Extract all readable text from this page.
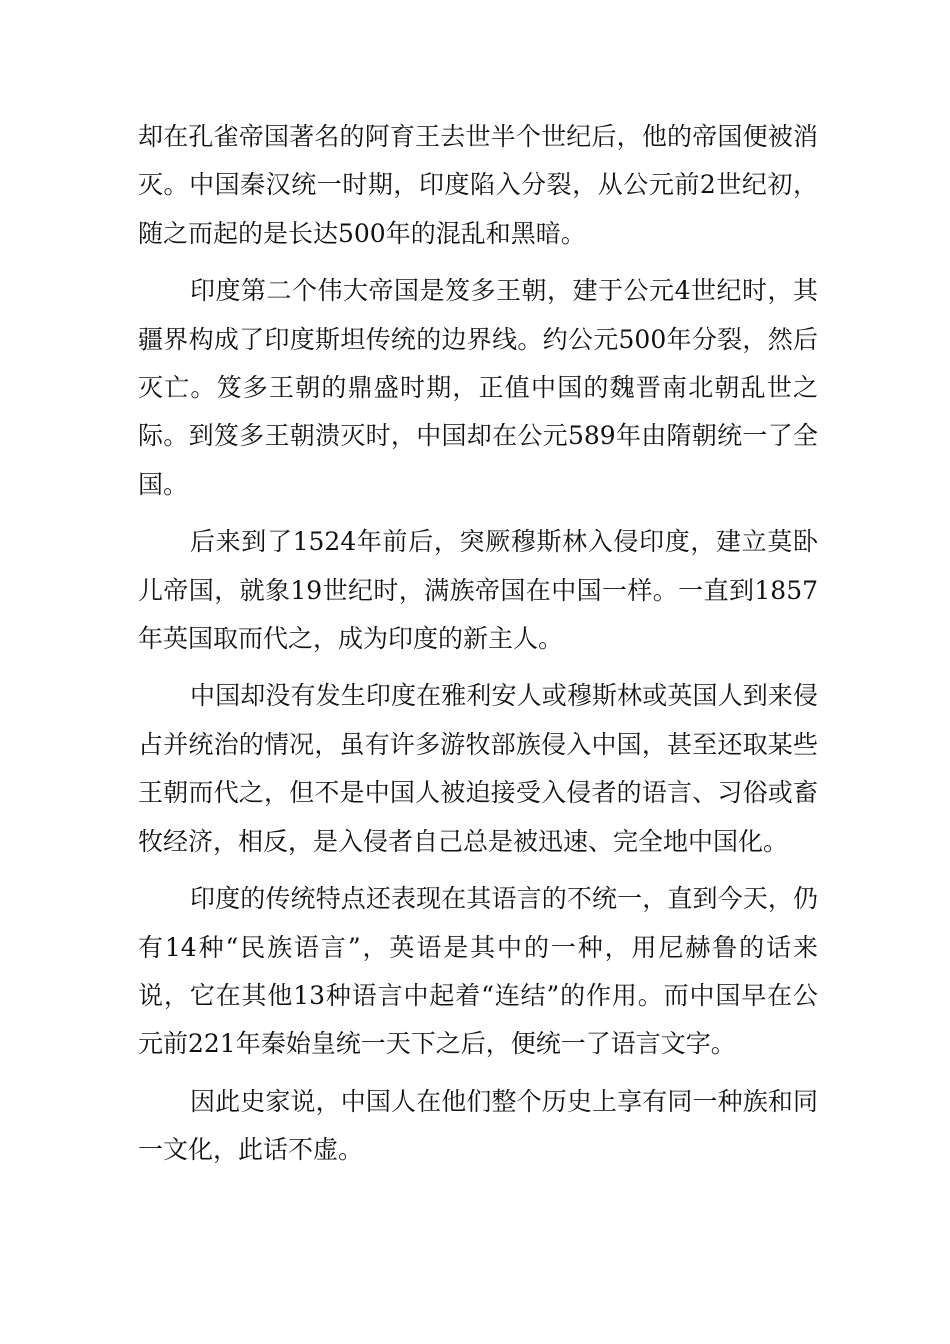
却在孔雀帝国著名的阿育王去世半个世纪后，他的帝国便被消灭。中国秦汉统一时期，印度陷入分裂，从公元前2世纪初，随之而起的是长达500年的混乱和黑暗。

印度第二个伟大帝国是笈多王朝，建于公元4世纪时，其疆界构成了印度斯坦传统的边界线。约公元500年分裂，然后灭亡。笈多王朝的鼎盛时期，正值中国的魏晋南北朝乱世之际。到笈多王朝溃灭时，中国却在公元589年由隋朝统一了全国。

后来到了1524年前后，突厥穆斯林入侵印度，建立莫卧儿帝国，就象19世纪时，满族帝国在中国一样。一直到1857年英国取而代之，成为印度的新主人。

中国却没有发生印度在雅利安人或穆斯林或英国人到来侵占并统治的情况，虽有许多游牧部族侵入中国，甚至还取某些王朝而代之，但不是中国人被迫接受入侵者的语言、习俗或畜牧经济，相反，是入侵者自己总是被迅速、完全地中国化。

印度的传统特点还表现在其语言的不统一，直到今天，仍有14种“民族语言”，英语是其中的一种，用尼赫鲁的话来说，它在其他13种语言中起着“连结”的作用。而中国早在公元前221年秦始皇统一天下之后，便统一了语言文字。

因此史家说，中国人在他们整个历史上享有同一种族和同一文化，此话不虚。
